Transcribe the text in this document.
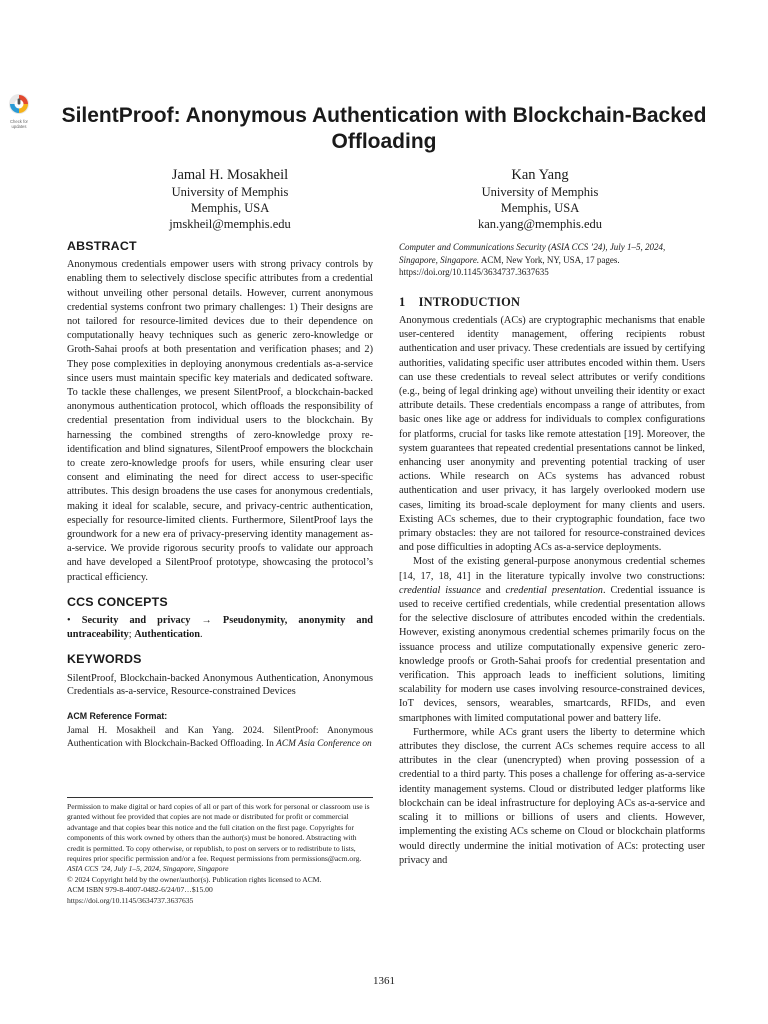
Check for
updates	SilentProof: Anonymous Authentication with Blockchain-Backed Offloading
Jamal H. Mosakheil
University of Memphis
Memphis, USA
jmskheil@memphis.edu
Kan Yang
University of Memphis
Memphis, USA
kan.yang@memphis.edu
ABSTRACT

Anonymous credentials empower users with strong privacy controls by enabling them to selectively disclose specific attributes from a credential without unveiling other personal details. However, current anonymous credential systems confront two primary challenges: 1) Their designs are not tailored for resource-limited devices due to their dependence on computationally heavy techniques such as generic zero-knowledge or Groth-Sahai proofs at both presentation and verification phases; and 2) They pose complexities in deploying anonymous credentials as-a-service since users must maintain specific key materials and dedicated software. To tackle these challenges, we present SilentProof, a blockchain-backed anonymous authentication protocol, which offloads the responsibility of credential presentation from individual users to the blockchain. By harnessing the combined strengths of zero-knowledge proxy re-identification and blind signatures, SilentProof empowers the blockchain to create zero-knowledge proofs for users, while ensuring clear user consent and eliminating the need for direct access to user-specific attributes. This design broadens the use cases for anonymous credentials, making it ideal for scalable, secure, and privacy-centric authentication, especially for resource-limited clients. Furthermore, SilentProof lays the groundwork for a new era of privacy-preserving identity management as-a-service. We provide rigorous security proofs to validate our approach and have developed a SilentProof prototype, showcasing the protocol’s practical efficiency.

CCS CONCEPTS

• Security and privacy → Pseudonymity, anonymity and untraceability; Authentication.

KEYWORDS

SilentProof, Blockchain-backed Anonymous Authentication, Anonymous Credentials as-a-service, Resource-constrained Devices

ACM Reference Format:

Jamal H. Mosakheil and Kan Yang. 2024. SilentProof: Anonymous Authentication with Blockchain-Backed Offloading. In ACM Asia Conference on

Permission to make digital or hard copies of all or part of this work for personal or classroom use is granted without fee provided that copies are not made or distributed for profit or commercial advantage and that copies bear this notice and the full citation on the first page. Copyrights for components of this work owned by others than the author(s) must be honored. Abstracting with credit is permitted. To copy otherwise, or republish, to post on servers or to redistribute to lists, requires prior specific permission and/or a fee. Request permissions from permissions@acm.org.
ASIA CCS ’24, July 1–5, 2024, Singapore, Singapore
© 2024 Copyright held by the owner/author(s). Publication rights licensed to ACM.
ACM ISBN 979-8-4007-0482-6/24/07…$15.00
https://doi.org/10.1145/3634737.3637635

Computer and Communications Security (ASIA CCS ’24), July 1–5, 2024, Singapore, Singapore. ACM, New York, NY, USA, 17 pages. https://doi.org/10.1145/3634737.3637635

1 INTRODUCTION

Anonymous credentials (ACs) are cryptographic mechanisms that enable user-centered identity management, offering recipients robust authentication and user privacy. These credentials are issued by certifying authorities, validating specific user attributes encoded within them. Users can use these credentials to reveal select attributes or verify conditions (e.g., being of legal drinking age) without unveiling their identity or exact attribute details. These credentials encompass a range of attributes, from basic ones like age or address for individuals to complex configurations for platforms, crucial for tasks like remote attestation [19]. Moreover, the system guarantees that repeated credential presentations cannot be linked, enhancing user anonymity and preventing potential tracking of user actions. While research on ACs systems has advanced robust authentication and user privacy, it has largely overlooked modern use cases, limiting its broad-scale deployment for many clients and users. Existing ACs schemes, due to their cryptographic foundation, face two primary obstacles: they are not tailored for resource-constrained devices and pose difficulties in adopting ACs as-a-service deployments.

Most of the existing general-purpose anonymous credential schemes [14, 17, 18, 41] in the literature typically involve two constructions: credential issuance and credential presentation. Credential issuance is used to receive certified credentials, while credential presentation allows for the selective disclosure of attributes encoded within the credentials. However, existing anonymous credential schemes primarily focus on the issuance process and utilize computationally expensive generic zero-knowledge proofs or Groth-Sahai proofs for credential presentation and verification. This approach leads to inefficient solutions, limiting scalability for modern use cases involving resource-constrained devices, IoT devices, sensors, wearables, smartcards, RFIDs, and even smartphones with limited computational power and battery life.

Furthermore, while ACs grant users the liberty to determine which attributes they disclose, the current ACs schemes require access to all attributes in the clear (unencrypted) when proving possession of a credential to a third party. This poses a challenge for offering as-a-service identity management systems. Cloud or distributed ledger platforms like blockchain can be ideal infrastructure for deploying ACs as-a-service and scaling it to millions or billions of users and clients. However, implementing the existing ACs scheme on Cloud or blockchain platforms would directly undermine the initial motivation of ACs: protecting user privacy and

1361
